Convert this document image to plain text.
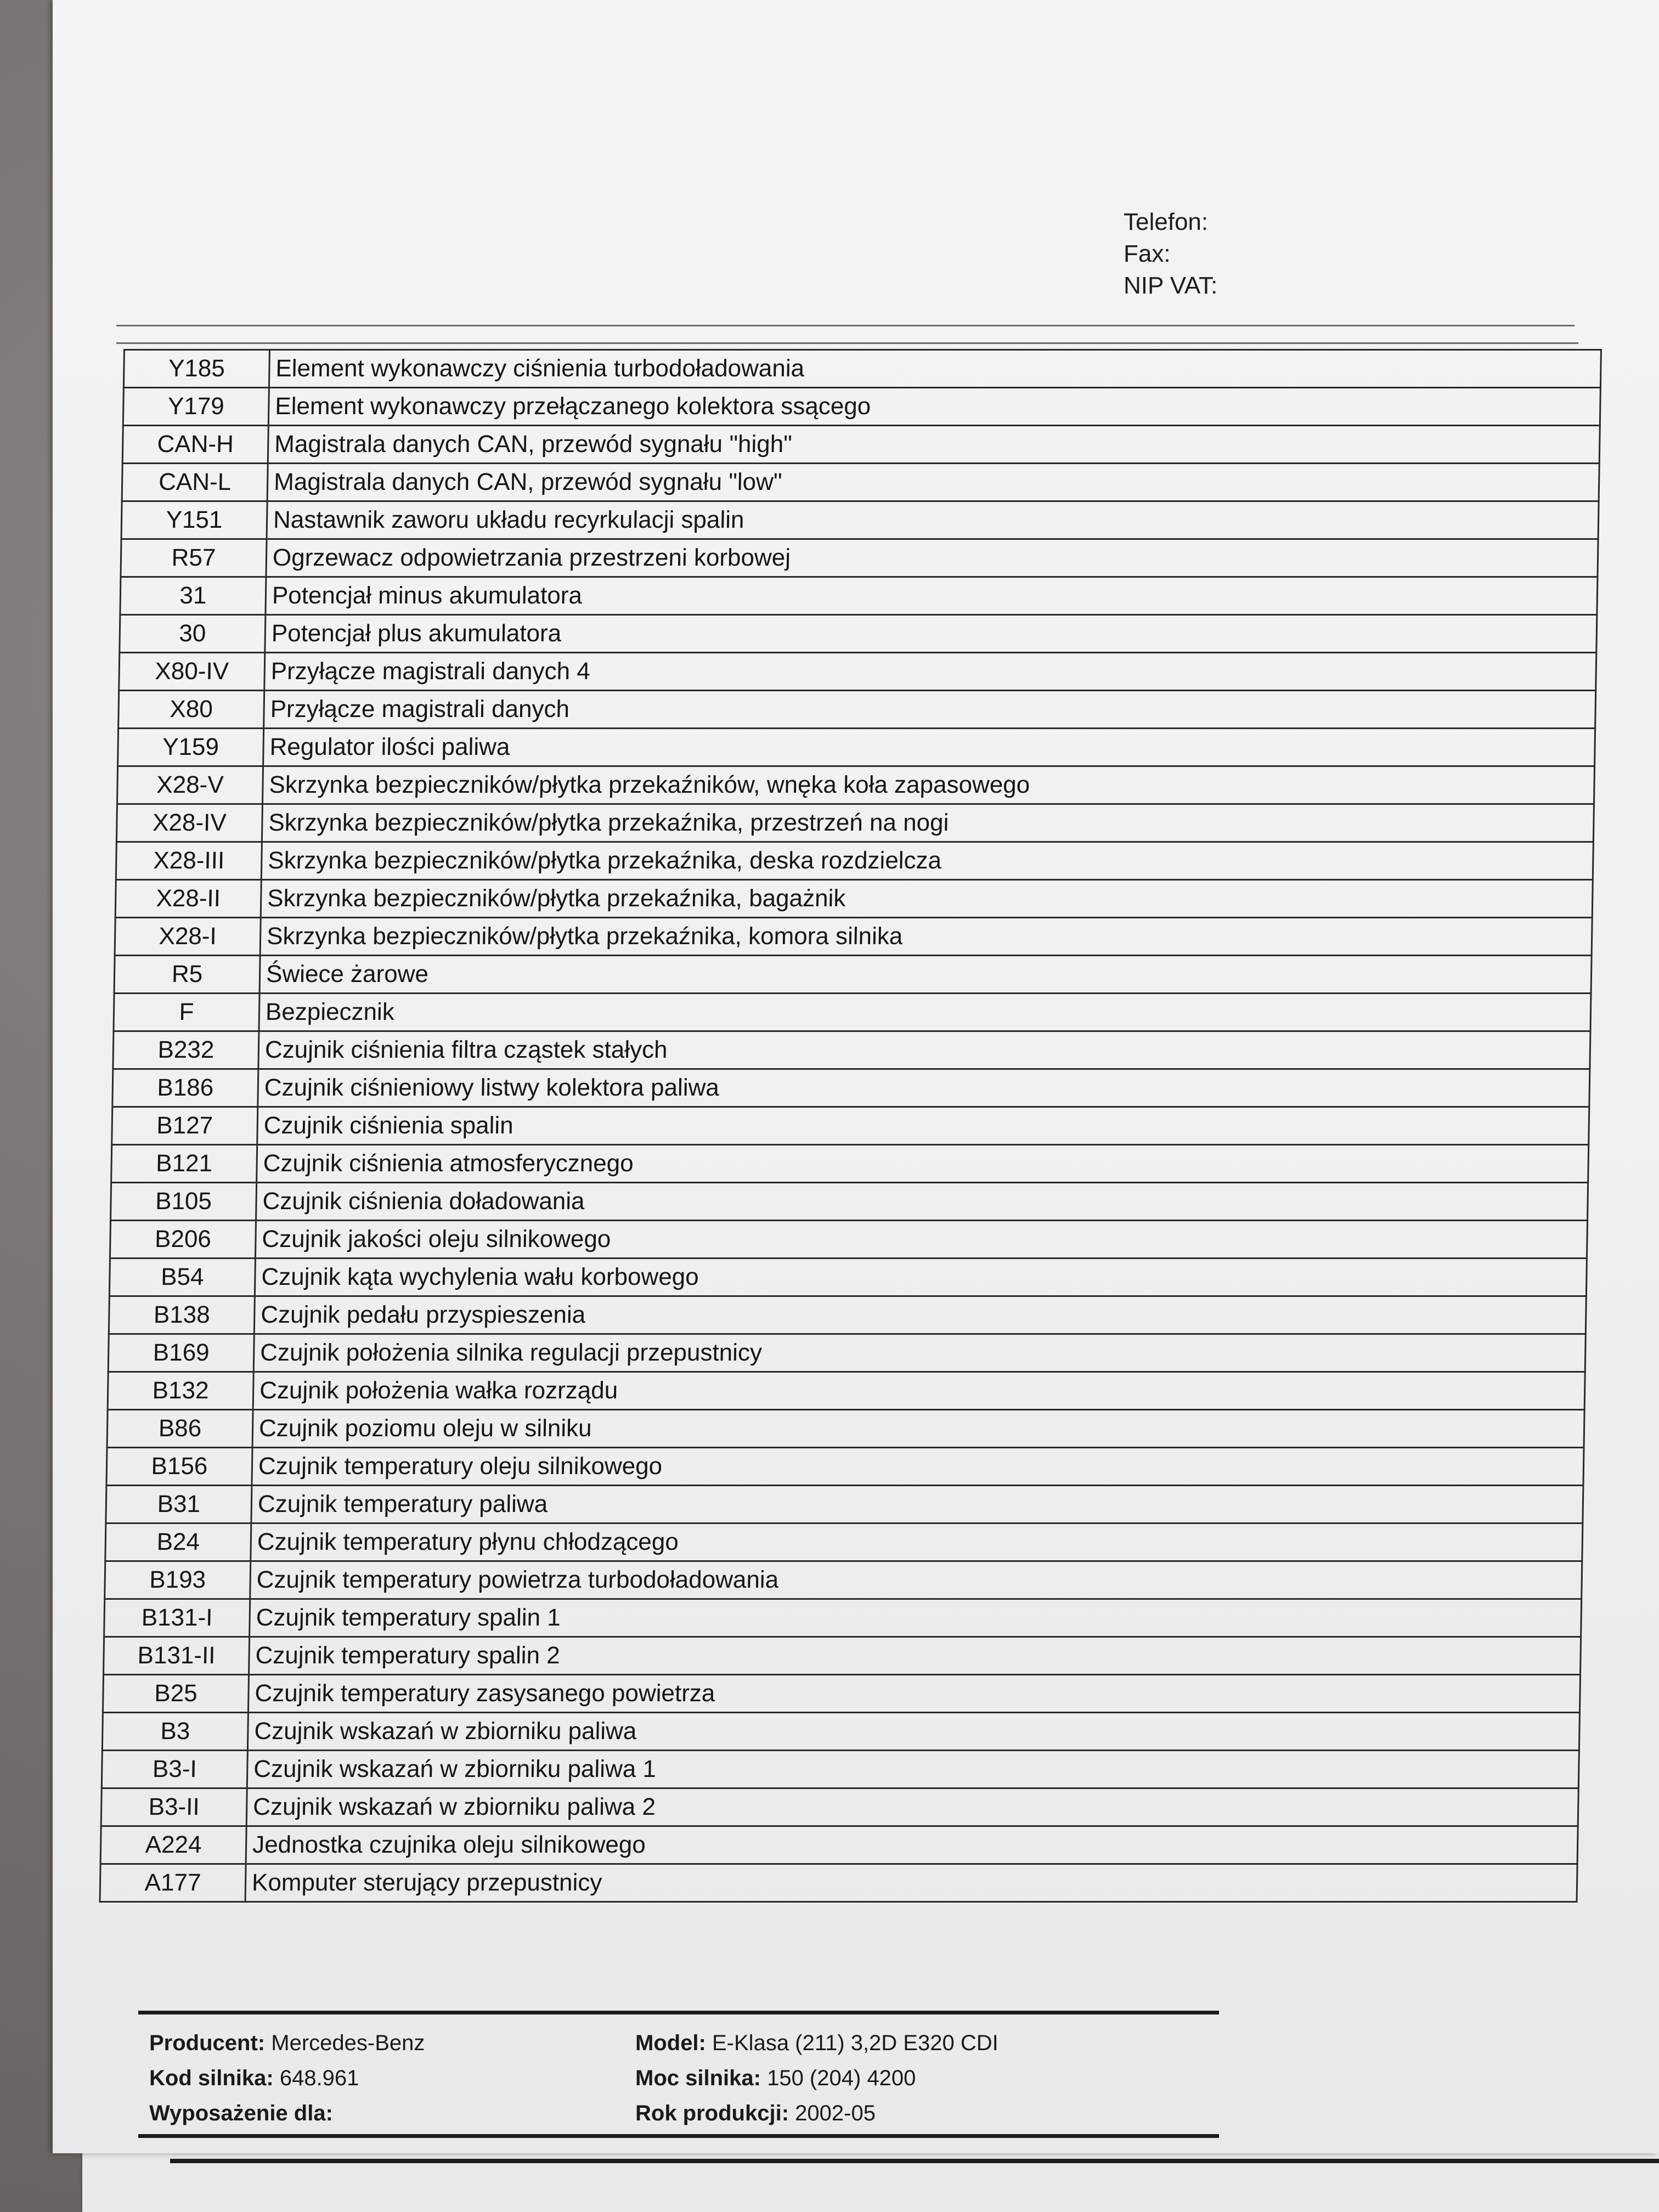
Telefon:
Fax:
NIP VAT:
Y185	Element wykonawczy ciśnienia turbodoładowania
Y179	Element wykonawczy przełączanego kolektora ssącego
CAN-H	Magistrala danych CAN, przewód sygnału "high"
CAN-L	Magistrala danych CAN, przewód sygnału "low"
Y151	Nastawnik zaworu układu recyrkulacji spalin
R57	Ogrzewacz odpowietrzania przestrzeni korbowej
31	Potencjał minus akumulatora
30	Potencjał plus akumulatora
X80-IV	Przyłącze magistrali danych 4
X80	Przyłącze magistrali danych
Y159	Regulator ilości paliwa
X28-V	Skrzynka bezpieczników/płytka przekaźników, wnęka koła zapasowego
X28-IV	Skrzynka bezpieczników/płytka przekaźnika, przestrzeń na nogi
X28-III	Skrzynka bezpieczników/płytka przekaźnika, deska rozdzielcza
X28-II	Skrzynka bezpieczników/płytka przekaźnika, bagażnik
X28-I	Skrzynka bezpieczników/płytka przekaźnika, komora silnika
R5	Świece żarowe
F	Bezpiecznik
B232	Czujnik ciśnienia filtra cząstek stałych
B186	Czujnik ciśnieniowy listwy kolektora paliwa
B127	Czujnik ciśnienia spalin
B121	Czujnik ciśnienia atmosferycznego
B105	Czujnik ciśnienia doładowania
B206	Czujnik jakości oleju silnikowego
B54	Czujnik kąta wychylenia wału korbowego
B138	Czujnik pedału przyspieszenia
B169	Czujnik położenia silnika regulacji przepustnicy
B132	Czujnik położenia wałka rozrządu
B86	Czujnik poziomu oleju w silniku
B156	Czujnik temperatury oleju silnikowego
B31	Czujnik temperatury paliwa
B24	Czujnik temperatury płynu chłodzącego
B193	Czujnik temperatury powietrza turbodoładowania
B131-I	Czujnik temperatury spalin 1
B131-II	Czujnik temperatury spalin 2
B25	Czujnik temperatury zasysanego powietrza
B3	Czujnik wskazań w zbiorniku paliwa
B3-I	Czujnik wskazań w zbiorniku paliwa 1
B3-II	Czujnik wskazań w zbiorniku paliwa 2
A224	Jednostka czujnika oleju silnikowego
A177	Komputer sterujący przepustnicy
Producent: Mercedes-Benz
Kod silnika: 648.961
Wyposażenie dla:
Model: E-Klasa (211) 3,2D E320 CDI
Moc silnika: 150 (204) 4200
Rok produkcji: 2002-05
